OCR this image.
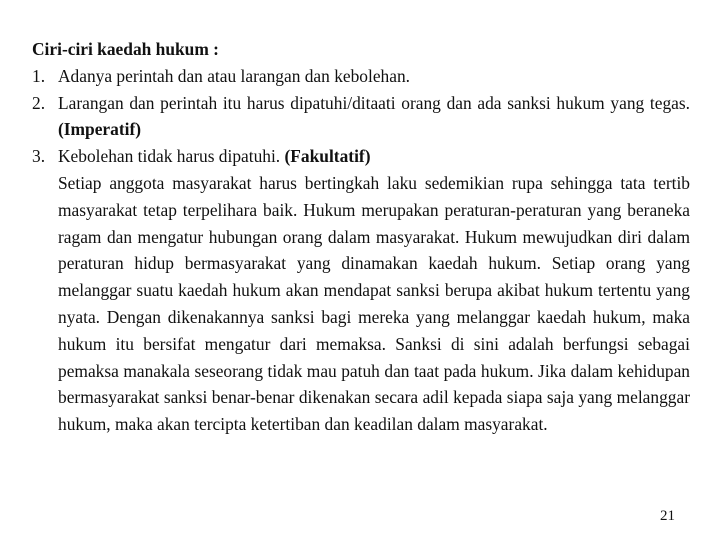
Ciri-ciri kaedah hukum :
1. Adanya perintah dan atau larangan dan kebolehan.
2. Larangan dan perintah itu harus dipatuhi/ditaati orang dan ada sanksi hukum yang tegas. (Imperatif)
3. Kebolehan tidak harus dipatuhi. (Fakultatif)
Setiap anggota masyarakat harus bertingkah laku sedemikian rupa sehingga tata tertib masyarakat tetap terpelihara baik. Hukum merupakan peraturan-peraturan yang beraneka ragam dan mengatur hubungan orang dalam masyarakat. Hukum mewujudkan diri dalam peraturan hidup bermasyarakat yang dinamakan kaedah hukum. Setiap orang yang melanggar suatu kaedah hukum akan mendapat sanksi berupa akibat hukum tertentu yang nyata. Dengan dikenakannya sanksi bagi mereka yang melanggar kaedah hukum, maka hukum itu bersifat mengatur dari memaksa. Sanksi di sini adalah berfungsi sebagai pemaksa manakala seseorang tidak mau patuh dan taat pada hukum. Jika dalam kehidupan bermasyarakat sanksi benar-benar dikenakan secara adil kepada siapa saja yang melanggar hukum, maka akan tercipta ketertiban dan keadilan dalam masyarakat.
21
